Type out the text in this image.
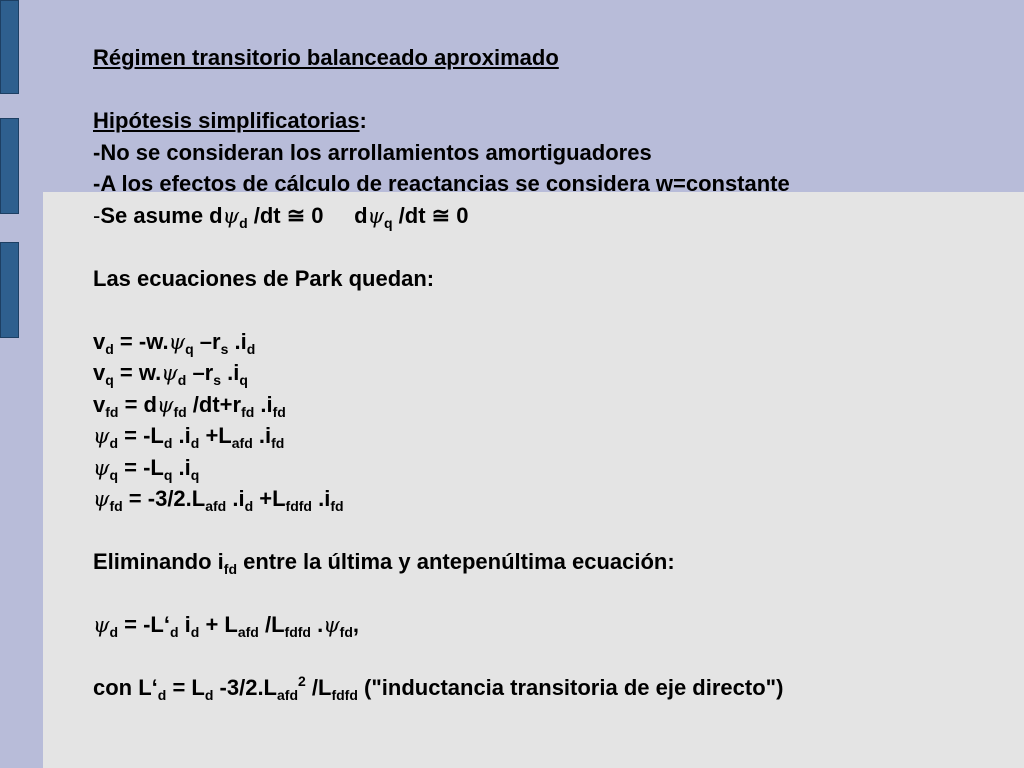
Régimen transitorio balanceado aproximado
Hipótesis simplificatorias:
-No se consideran los arrollamientos amortiguadores
-A los efectos de cálculo de reactancias se considera w=constante
-Se asume $d\psi_d$ /dt ≅ 0     $d\psi_q$ /dt ≅ 0
Las ecuaciones de Park quedan:
$v_d = -w.\psi_q$ $-r_s$ $.i_d$
$v_q = w.\psi_d$ $-r_s$ $.i_q$
$v_{fd} = d\psi_{fd}$ $/dt+r_{fd}$ $.i_{fd}$
$\psi_d = -L_d$ $.i_d +L_{afd}$ $.i_{fd}$
$\psi_q = -L_q$ $.i_q$
$\psi_{fd} = -3/2.L_{afd}$ $.i_d +L_{fdfd}$ $.i_{fd}$
Eliminando $i_{fd}$ entre la última y antepenúltima ecuación:
$\psi_d$ = $-L‘_d$ $i_d + L_{afd}$ $/L_{fdfd}$ $.\psi_{fd}$,
con $L‘_d = L_d$ $-3/2.L_{afd}^2$ $/L_{fdfd}$ ("inductancia transitoria de eje directo")
